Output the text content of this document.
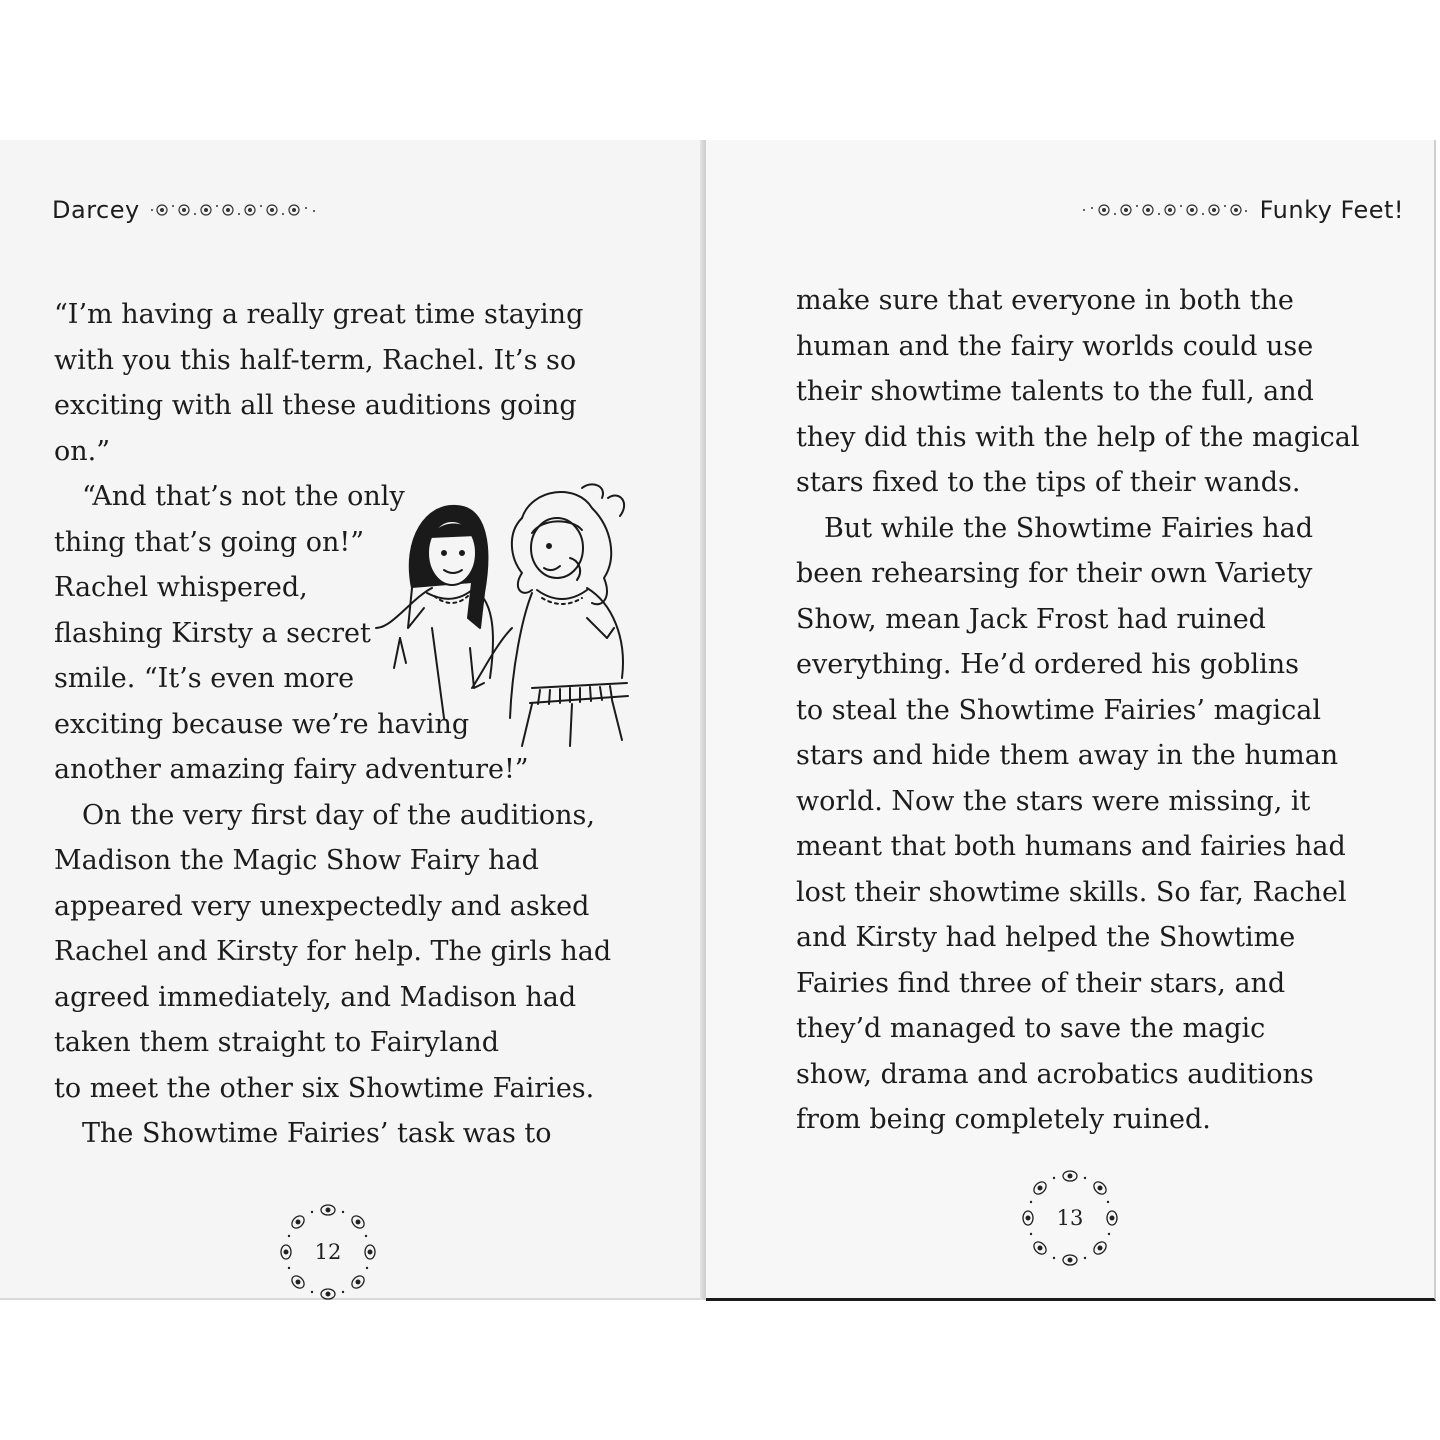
Darcey

“I’m having a really great time staying

with you this half-term, Rachel. It’s so

exciting with all these auditions going

on.”

“And that’s not the only

thing that’s going on!”

Rachel whispered,

flashing Kirsty a secret

smile. “It’s even more

exciting because we’re having

another amazing fairy adventure!”

On the very first day of the auditions,

Madison the Magic Show Fairy had

appeared very unexpectedly and asked

Rachel and Kirsty for help. The girls had

agreed immediately, and Madison had

taken them straight to Fairyland

to meet the other six Showtime Fairies.

The Showtime Fairies’ task was to

12
Funky Feet!

make sure that everyone in both the

human and the fairy worlds could use

their showtime talents to the full, and

they did this with the help of the magical

stars fixed to the tips of their wands.

But while the Showtime Fairies had

been rehearsing for their own Variety

Show, mean Jack Frost had ruined

everything. He’d ordered his goblins

to steal the Showtime Fairies’ magical

stars and hide them away in the human

world. Now the stars were missing, it

meant that both humans and fairies had

lost their showtime skills. So far, Rachel

and Kirsty had helped the Showtime

Fairies find three of their stars, and

they’d managed to save the magic

show, drama and acrobatics auditions

from being completely ruined.

13
